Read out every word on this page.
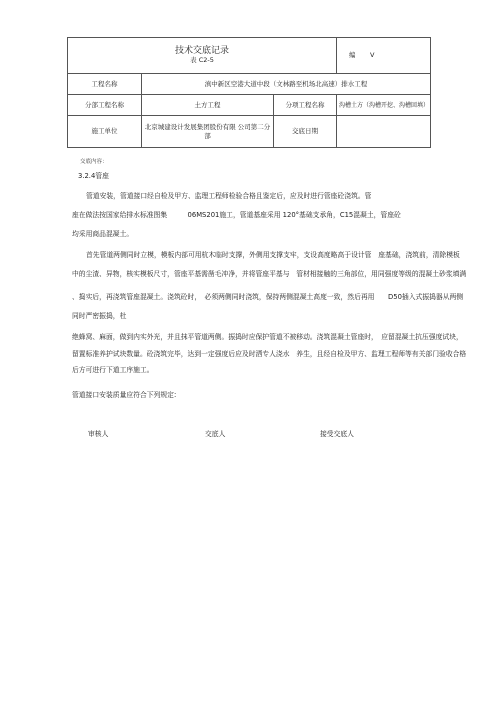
技术交底记录
表 C2-5			编 V
工程名称	滇中新区空港大道中段（文林路至机场北高速）排水工程		
分部工程名称	土方工程	分项工程名称	沟槽土方（沟槽开挖、沟槽回填）
施工单位	北京城建设计发展集团股份有限 公司第二分部	交底日期	
交底内容：
3.2.4管座
管道安装，管道接口经自检及甲方、监理工程师检验合格且鉴定后，应及时进行管座砼浇筑。管
座在做法按国家给排水标准图集　　　06MS201施工，管道基座采用 120°基础支承角，C15混凝土，管座砼
均采用商品混凝土。
首先管道两侧同时立模，模板内部可用杭木临时支撑，外侧用支撑支牢，支设高度略高于设计管　座基础，浇筑前，清除模板
中的尘渣、异物，核实模板尺寸，管座平基需凿毛冲净，并将管座平基与　管材相接触的三角部位，用同强度等级的混凝土砂浆填满
、捣实后，再浇筑管座混凝土。浇筑砼时，　必须两侧同时浇筑，保持两侧混凝土高度一致，然后再用　　D50插入式振捣器从两侧
同时严密振捣，杜
绝蜂窝、麻面，做到内实外光，并且抹平管道两侧。振捣时应保护管道不被移动。浇筑混凝土管座时，　应留混凝土抗压强度试块，
留置标准养护试块数量。砼浇筑完毕，达到一定强度后应及时洒专人浇水　养生，且经自检及甲方、监理工程师等有关部门验收合格
后方可进行下道工序施工。
管道接口安装质量应符合下列规定:
审核人	交底人	接受交底人
